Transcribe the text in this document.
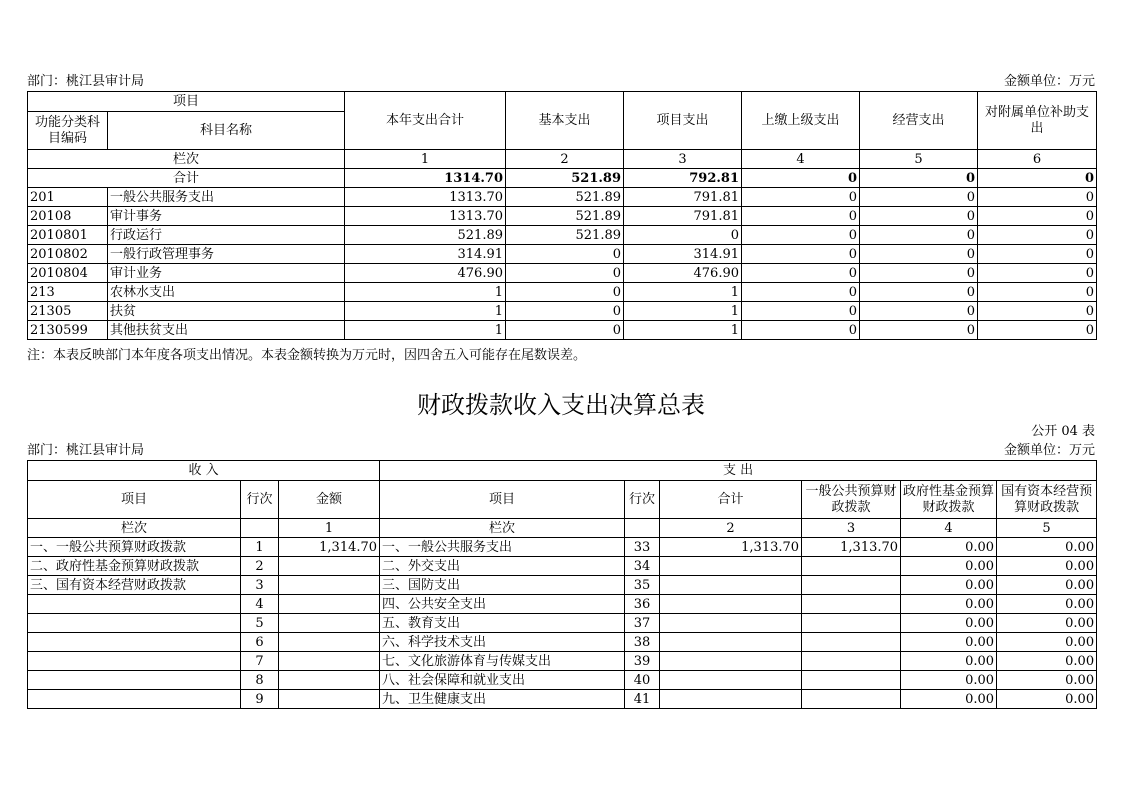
部门：桃江县审计局	金额单位：万元
项目		本年支出合计	基本支出	项目支出	上缴上级支出	经营支出	对附属单位补助支出
功能分类科目编码	科目名称						
栏次		1	2	3	4	5	6
合计		1314.70	521.89	792.81	0	0	0
201	一般公共服务支出	1313.70	521.89	791.81	0	0	0
20108	审计事务	1313.70	521.89	791.81	0	0	0
2010801	行政运行	521.89	521.89	0	0	0	0
2010802	一般行政管理事务	314.91	0	314.91	0	0	0
2010804	审计业务	476.90	0	476.90	0	0	0
213	农林水支出	1	0	1	0	0	0
21305	扶贫	1	0	1	0	0	0
2130599	其他扶贫支出	1	0	1	0	0	0
注：本表反映部门本年度各项支出情况。本表金额转换为万元时，因四舍五入可能存在尾数误差。
财政拨款收入支出决算总表
公开 04 表
部门：桃江县审计局	金额单位：万元
收 入			支 出					
项目	行次	金额	项目	行次	合计	一般公共预算财政拨款	政府性基金预算财政拨款	国有资本经营预算财政拨款
栏次		1	栏次		2	3	4	5
一、一般公共预算财政拨款	1	1,314.70	一、一般公共服务支出	33	1,313.70	1,313.70	0.00	0.00
二、政府性基金预算财政拨款	2		二、外交支出	34			0.00	0.00
三、国有资本经营财政拨款	3		三、国防支出	35			0.00	0.00
	4		四、公共安全支出	36			0.00	0.00
	5		五、教育支出	37			0.00	0.00
	6		六、科学技术支出	38			0.00	0.00
	7		七、文化旅游体育与传媒支出	39			0.00	0.00
	8		八、社会保障和就业支出	40			0.00	0.00
	9		九、卫生健康支出	41			0.00	0.00
